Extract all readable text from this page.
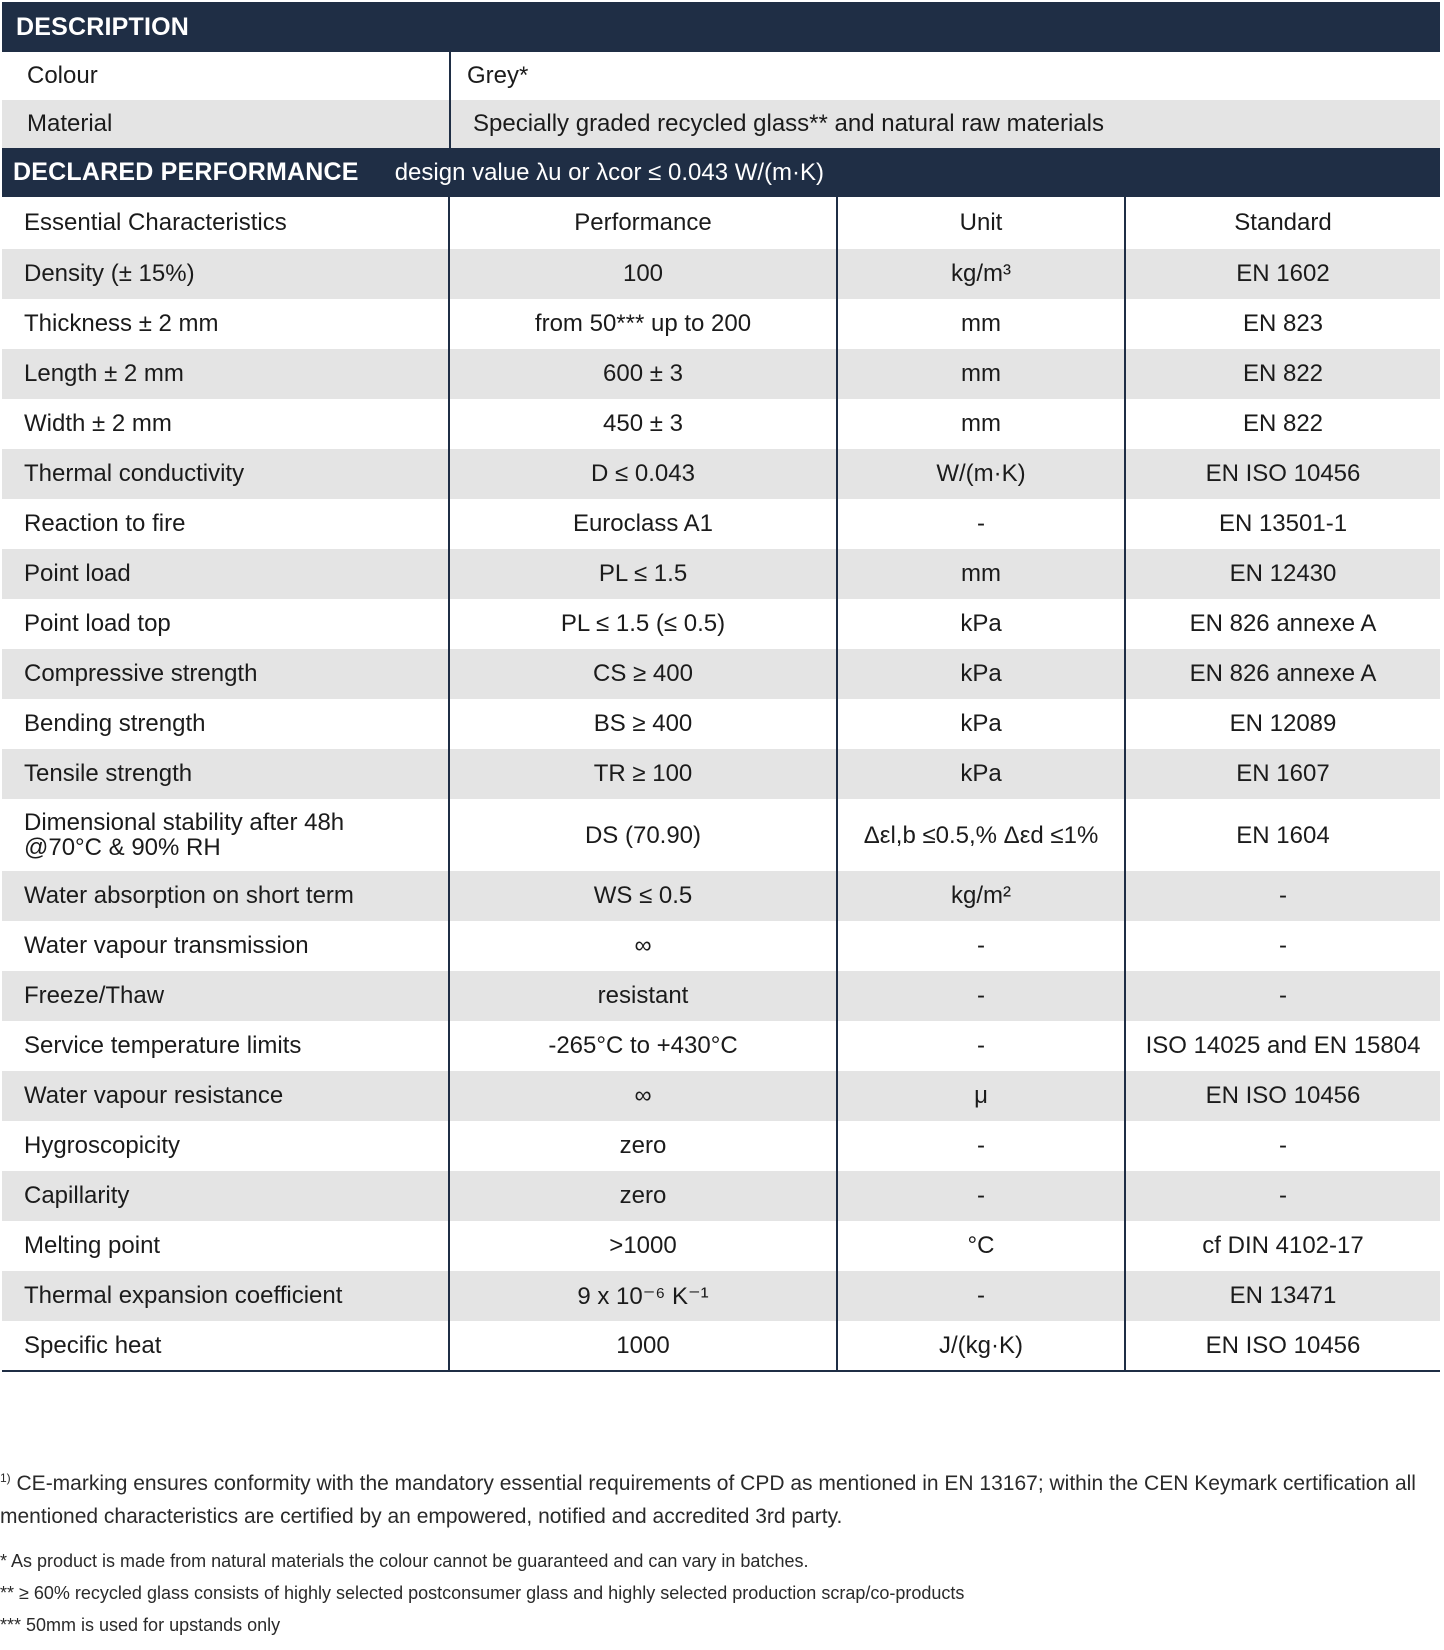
DESCRIPTION
Colour	Grey*
Material	Specially graded recycled glass** and natural raw materials
DECLARED PERFORMANCE design value λu or λcor ≤ 0.043 W/(m·K)
Essential Characteristics	Performance	Unit	Standard
Density (± 15%)	100	kg/m³	EN 1602
Thickness ± 2 mm	from 50*** up to 200	mm	EN 823
Length ± 2 mm	600 ± 3	mm	EN 822
Width ± 2 mm	450 ± 3	mm	EN 822
Thermal conductivity	D ≤ 0.043	W/(m·K)	EN ISO 10456
Reaction to fire	Euroclass A1	-	EN 13501-1
Point load	PL ≤ 1.5	mm	EN 12430
Point load top	PL ≤ 1.5 (≤ 0.5)	kPa	EN 826 annexe A
Compressive strength	CS ≥ 400	kPa	EN 826 annexe A
Bending strength	BS ≥ 400	kPa	EN 12089
Tensile strength	TR ≥ 100	kPa	EN 1607
Dimensional stability after 48h
@70°C & 90% RH	DS (70.90)	Δεl,b ≤0.5,% Δεd ≤1%	EN 1604
Water absorption on short term	WS ≤ 0.5	kg/m²	-
Water vapour transmission	∞	-	-
Freeze/Thaw	resistant	-	-
Service temperature limits	-265°C to +430°C	-	ISO 14025 and EN 15804
Water vapour resistance	∞	μ	EN ISO 10456
Hygroscopicity	zero	-	-
Capillarity	zero	-	-
Melting point	>1000	°C	cf DIN 4102-17
Thermal expansion coefficient	9 x 10⁻⁶ K⁻¹	-	EN 13471
Specific heat	1000	J/(kg·K)	EN ISO 10456
$^{1)}$ CE-marking ensures conformity with the mandatory essential requirements of CPD as mentioned in EN 13167; within the CEN Keymark certification all mentioned characteristics are certified by an empowered, notified and accredited 3rd party.
* As product is made from natural materials the colour cannot be guaranteed and can vary in batches.
** ≥ 60% recycled glass consists of highly selected postconsumer glass and highly selected production scrap/co-products
*** 50mm is used for upstands only
